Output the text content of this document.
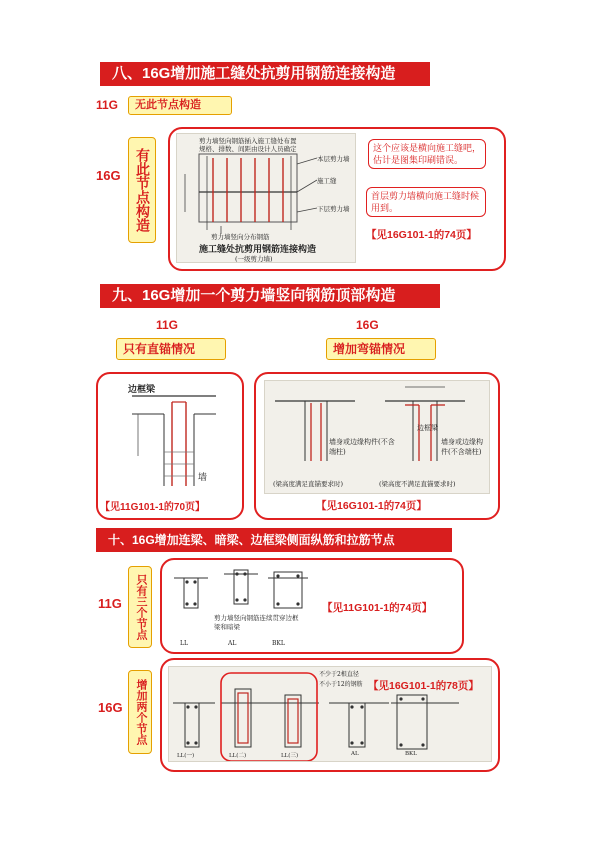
八、16G增加施工缝处抗剪用钢筋连接构造
11G	无此节点构造
16G	有此节点构造
剪力墙竖向钢筋插入施工缝处布置
规格、排数、间距由设计人员确定
本层剪力墙
施工缝
下层剪力墙
剪力墙竖向分布钢筋
施工缝处抗剪用钢筋连接构造
(一级剪力墙)
这个应该是横向施工缝吧，估计是图集印刷错误。
首层剪力墙横向施工缝时候用到。
【见16G101-1的74页】
九、16G增加一个剪力墙竖向钢筋顶部构造
11G	16G
只有直锚情况	增加弯锚情况
边框梁
墙
【见11G101-1的70页】
边框梁
墙身或边缘构件(不含端柱)
墙身或边缘构件(不含端柱)
(梁高度满足直锚要求时)	(梁高度不满足直锚要求时)
【见16G101-1的74页】
十、16G增加连梁、暗梁、边框梁侧面纵筋和拉筋节点
11G	只有三个节点	剪力墙竖向钢筋连续贯穿边框梁和暗梁
LL	AL	BKL
【见11G101-1的74页】
16G	增加两个节点
不少于2根直径
不小于12的钢筋
LL(一)	LL(二)	LL(三)	AL	BKL
【见16G101-1的78页】
